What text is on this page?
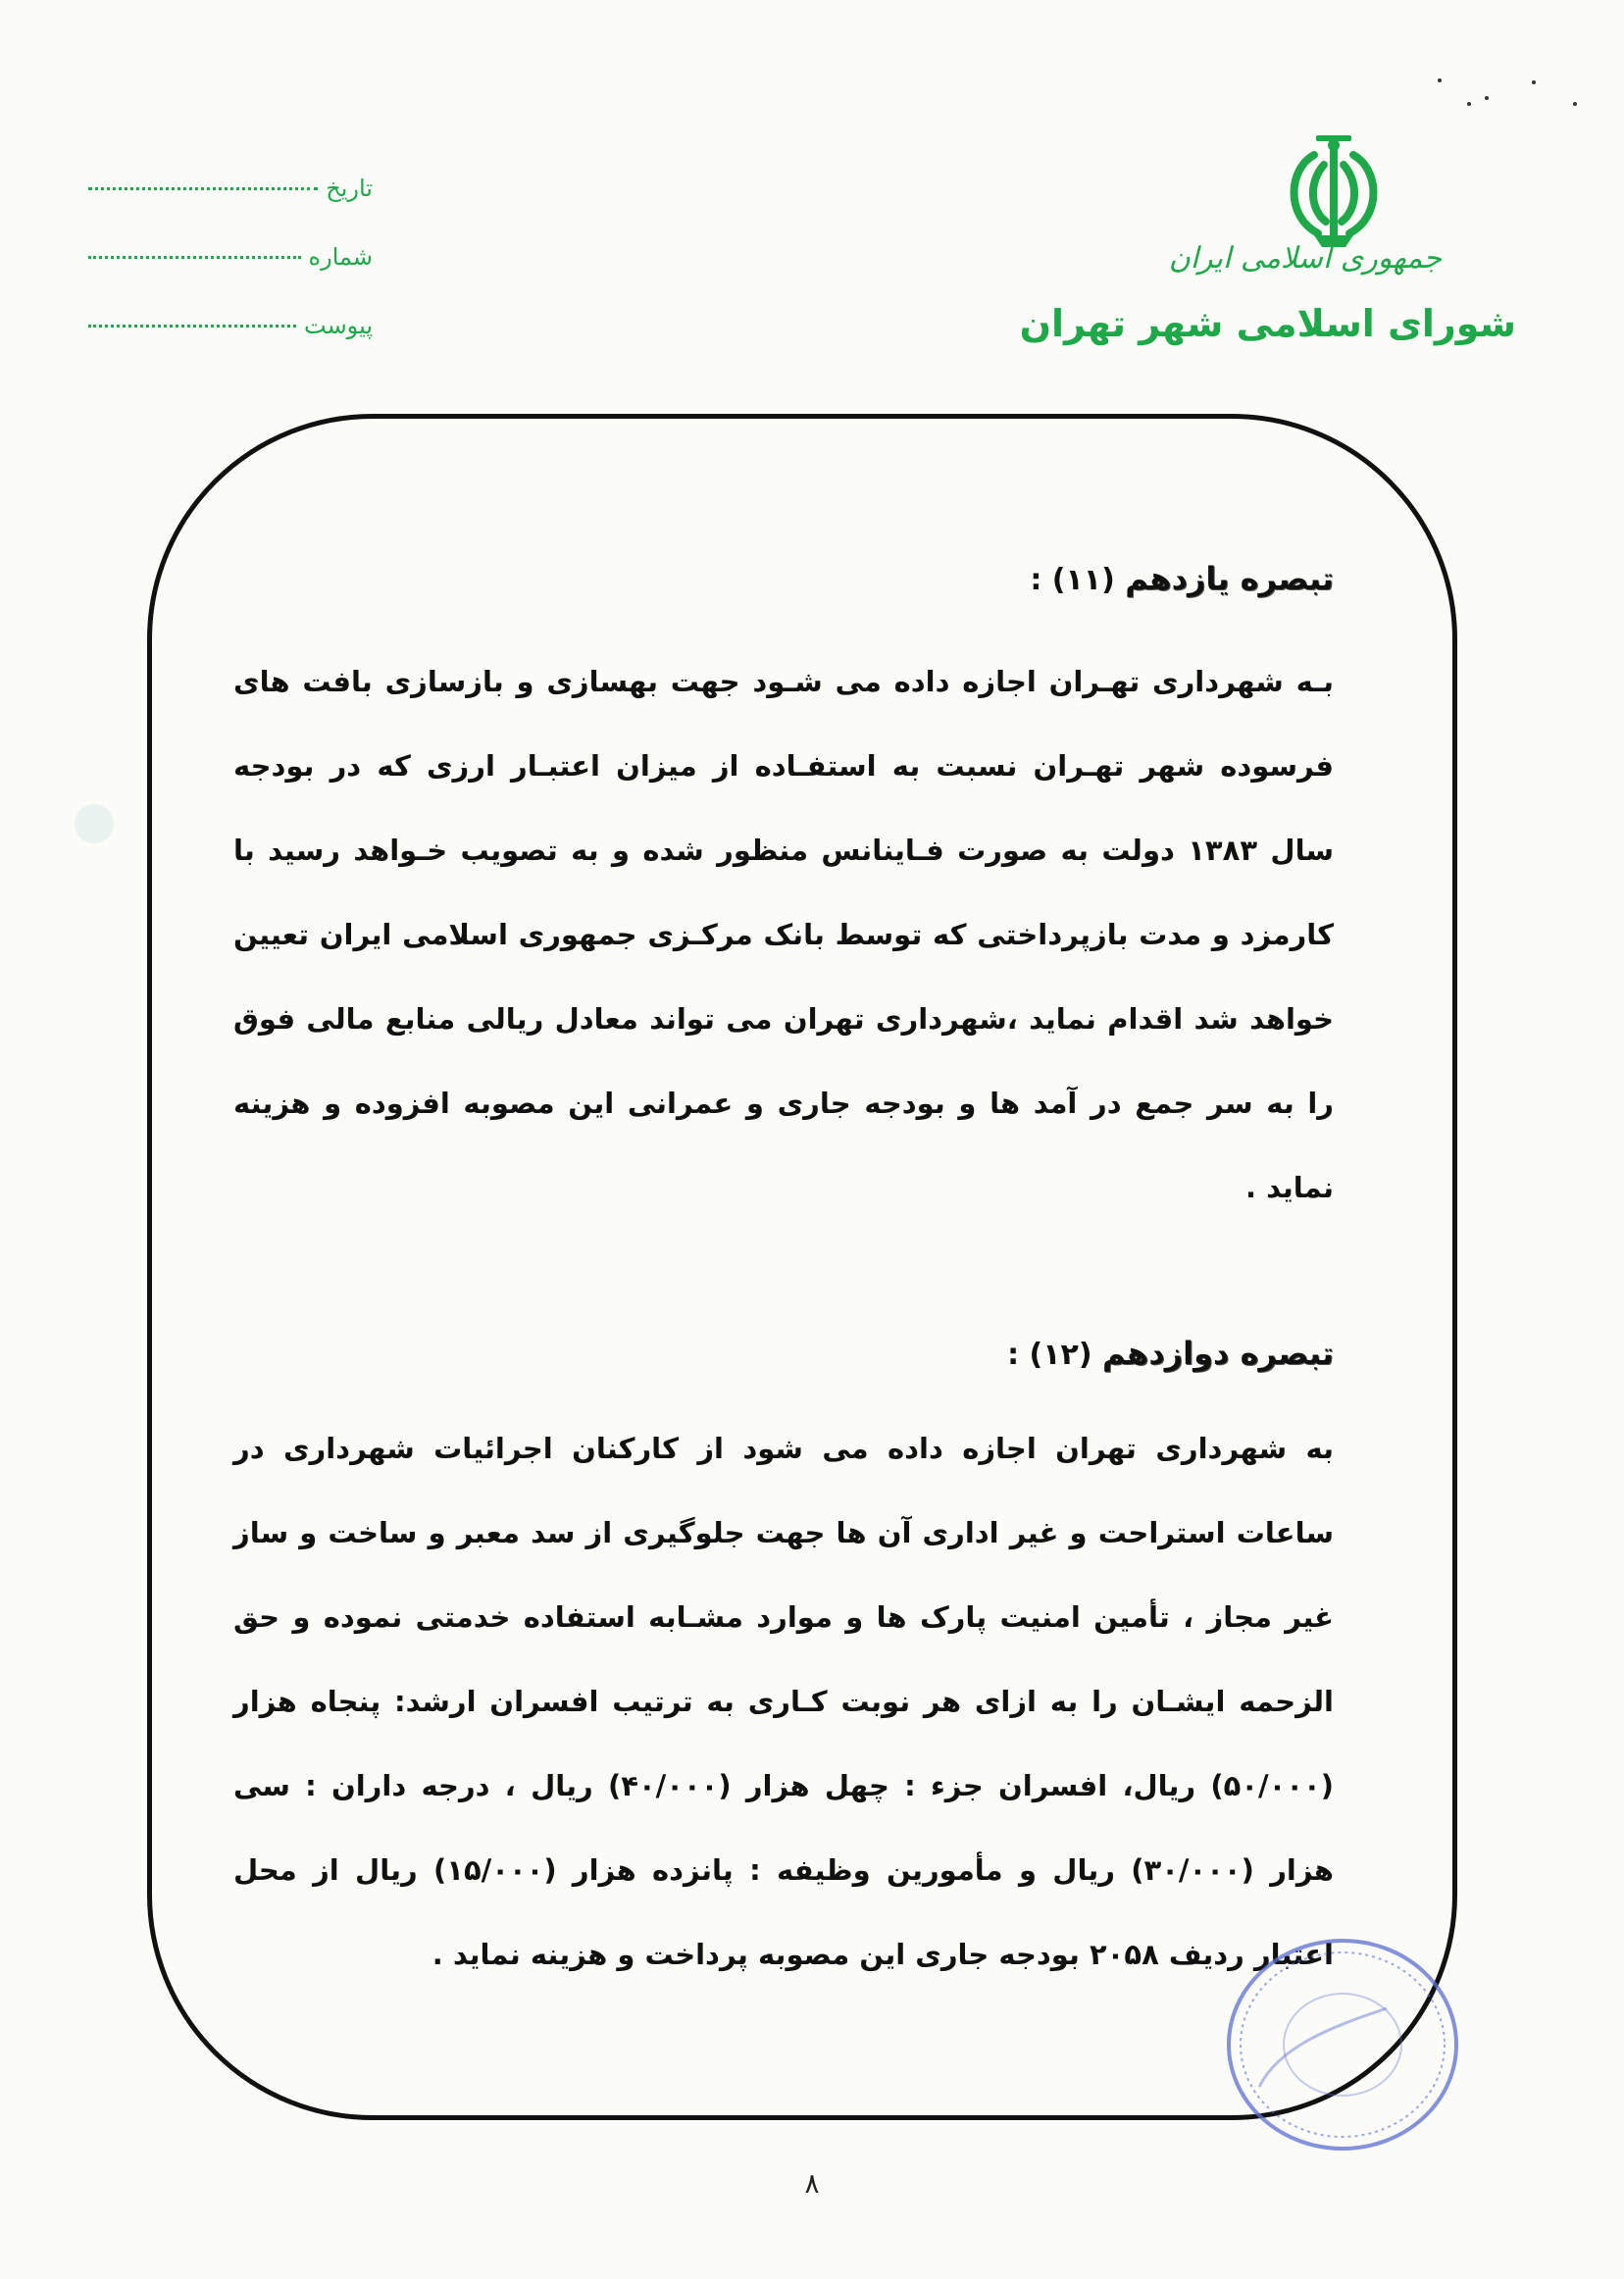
جمهوری اسلامی ایران
شورای اسلامی شهر تهران
تاریخ
شماره
پیوست

تبصره یازدهم (۱۱) :

بـه شهرداری تهـران اجازه داده می شـود جهت بهسازی و بازسازی بافت های فرسوده شهر تهـران نسبت به استفـاده از میزان اعتبـار ارزی که در بودجه سال ۱۳۸۳ دولت به صورت فـاینانس منظور شده و به تصویب خـواهد رسید با کارمزد و مدت بازپرداختی که توسط بانک مرکـزی جمهوری اسلامی ایران تعیین خواهد شد اقدام نماید ،شهرداری تهران می تواند معادل ریالی منابع مالی فوق را به سر جمع در آمد ها و بودجه جاری و عمرانی این مصوبه افزوده و هزینه نماید .

تبصره دوازدهم (۱۲) :

به شهرداری تهران اجازه داده می شود از کارکنان اجرائیات شهرداری در ساعات استراحت و غیر اداری آن ها جهت جلوگیری از سد معبر و ساخت و ساز غیر مجاز ، تأمین امنیت پارک ها و موارد مشـابه استفاده خدمتی نموده و حق الزحمه ایشـان را به ازای هر نوبت کـاری به ترتیب افسران ارشد: پنجاه هزار (۵۰/۰۰۰) ریال، افسران جزء : چهل هزار (۴۰/۰۰۰) ریال ، درجه داران : سی هزار (۳۰/۰۰۰) ریال و مأمورین وظیفه : پانزده هزار (۱۵/۰۰۰) ریال از محل اعتبار ردیف ۲۰۵۸ بودجه جاری این مصوبه پرداخت و هزینه نماید .

۸
